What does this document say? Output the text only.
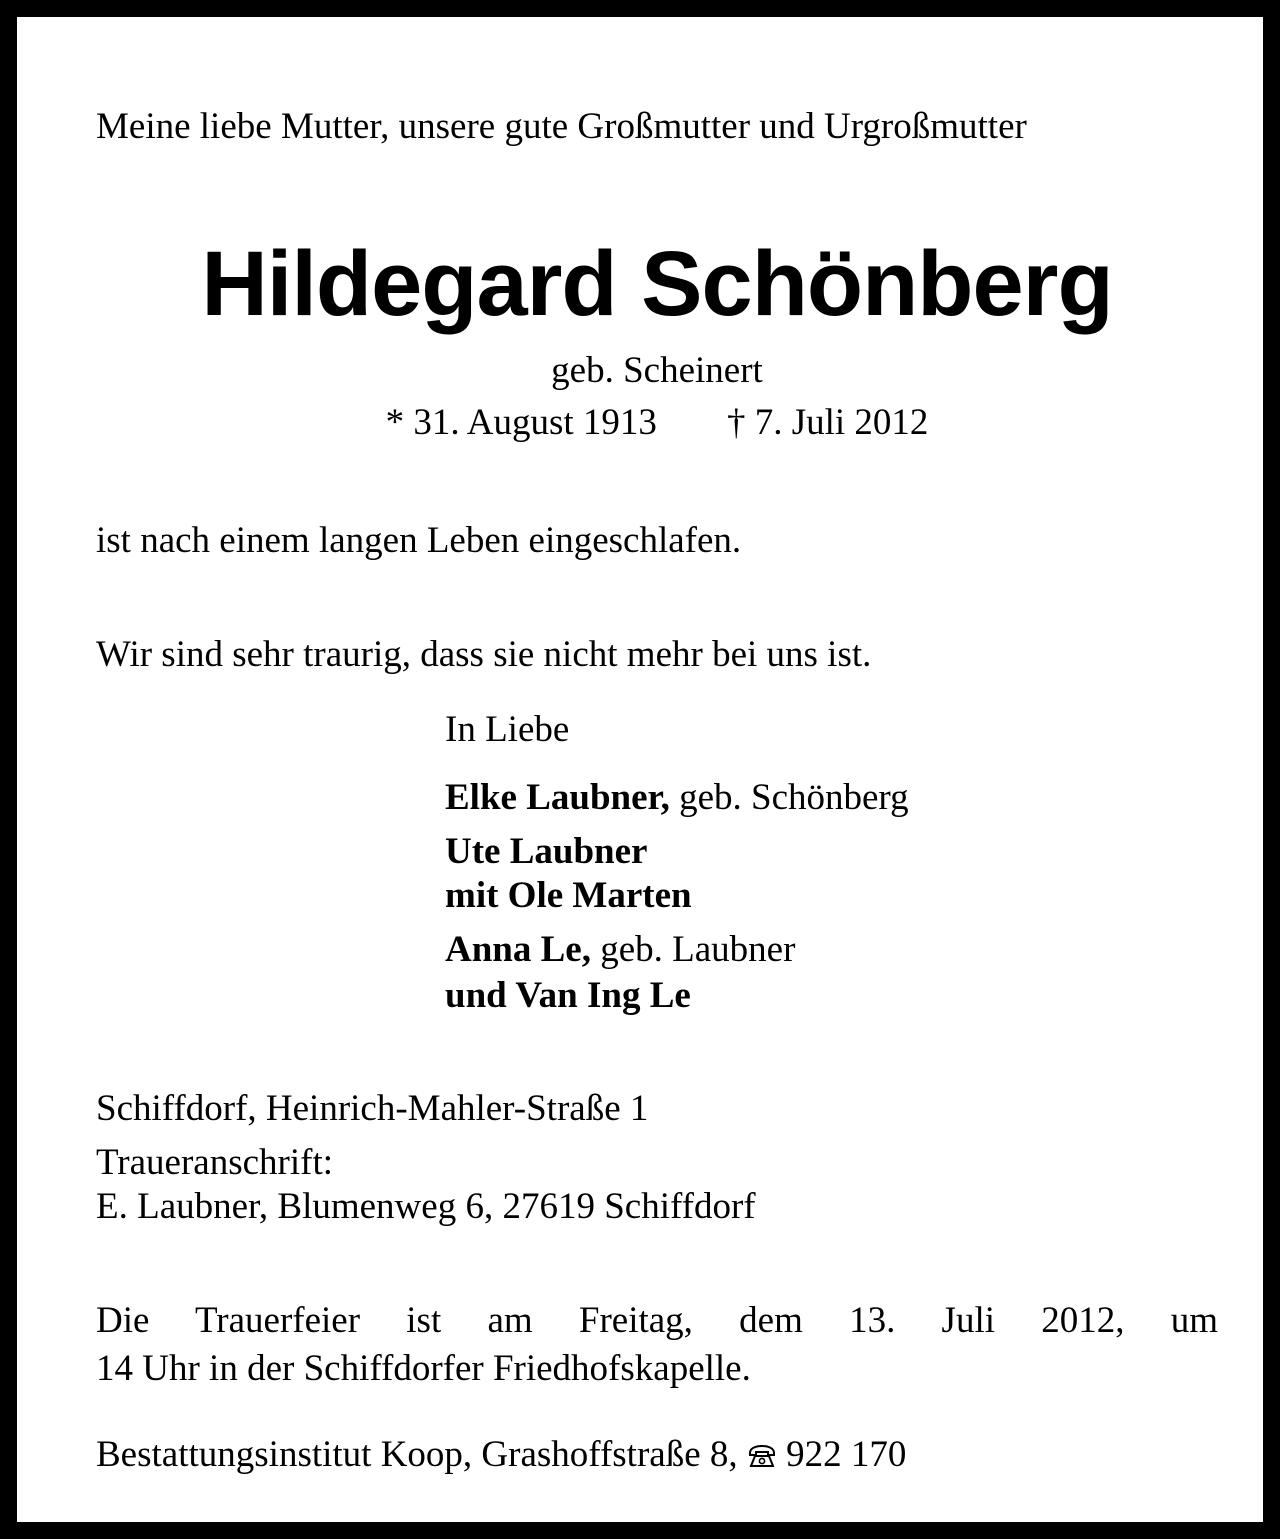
Meine liebe Mutter, unsere gute Großmutter und Urgroßmutter
Hildegard Schönberg
geb. Scheinert
* 31. August 1913 † 7. Juli 2012
ist nach einem langen Leben eingeschlafen.
Wir sind sehr traurig, dass sie nicht mehr bei uns ist.
In Liebe
Elke Laubner, geb. Schönberg
Ute Laubner
mit Ole Marten
Anna Le, geb. Laubner
und Van Ing Le
Schiffdorf, Heinrich-Mahler-Straße 1
Traueranschrift:
E. Laubner, Blumenweg 6, 27619 Schiffdorf
Die Trauerfeier ist am Freitag, dem 13. Juli 2012, um
14 Uhr in der Schiffdorfer Friedhofskapelle.
Bestattungsinstitut Koop, Grashoffstraße 8, 922 170
